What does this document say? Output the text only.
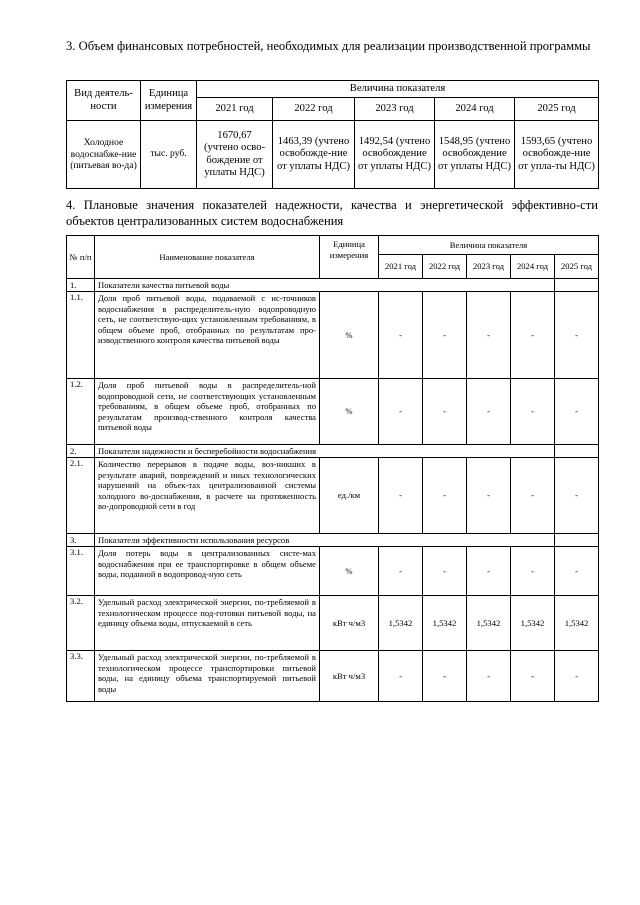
3. Объем финансовых потребностей, необходимых для реализации производственной программы
Вид деятель-ности	Единица измерения	Величина показателя				
		2021 год	2022 год	2023 год	2024 год	2025 год
Холодное водоснабже-ние (питьевая во-да)	тыс. руб.	1670,67 (учтено осво-бождение от уплаты НДС)	1463,39 (учтено освобожде-ние от уплаты НДС)	1492,54 (учтено освобождение от уплаты НДС)	1548,95 (учтено освобождение от уплаты НДС)	1593,65 (учтено освобожде-ние от упла-ты НДС)
4. Плановые значения показателей надежности, качества и энергетической эффективно-сти объектов централизованных систем водоснабжения
№ п/п	Наименование показателя	Единица измерения	Величина показателя				
			2021 год	2022 год	2023 год	2024 год	2025 год
1.	Показатели качества питьевой воды						
1.1.	Доля проб питьевой воды, подаваемой с ис-точников водоснабжения в распределитель-ную водопроводную сеть, не соответствую-щих установленным требованиям, в общем объеме проб, отобранных по результатам про-изводственного контроля качества питьевой воды	%	-	-	-	-	-
1.2.	Доля проб питьевой воды в распределитель-ной водопроводной сети, не соответствующих установленным требованиям, в общем объеме проб, отобранных по результатам производ-ственного контроля качества питьевой воды	%	-	-	-	-	-
2.	Показатели надежности и бесперебойности водоснабжения						
2.1.	Количество перерывов в подаче воды, воз-никших в результате аварий, повреждений и иных технологических нарушений на объек-тах централизованной системы холодного во-доснабжения, в расчете на протяженность во-допроводной сети в год	ед./км	-	-	-	-	-
3.	Показатели эффективности использования ресурсов						
3.1.	Доля потерь воды в централизованных систе-мах водоснабжения при ее транспортировке в общем объеме воды, поданной в водопровод-ную сеть	%	-	-	-	-	-
3.2.	Удельный расход электрической энергии, по-требляемой в технологическом процессе под-готовки питьевой воды, на единицу объема воды, отпускаемой в сеть	кВт ч/м3	1,5342	1,5342	1,5342	1,5342	1,5342
3.3.	Удельный расход электрической энергии, по-требляемой в технологическом процессе транспортировки питьевой воды, на единицу объема транспортируемой питьевой воды	кВт ч/м3	-	-	-	-	-
